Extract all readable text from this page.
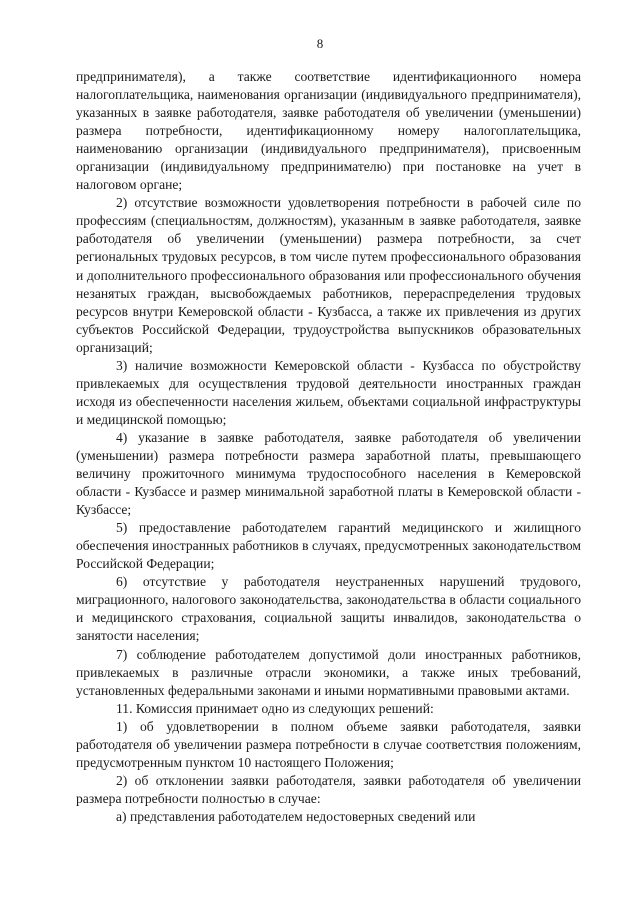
8

предпринимателя), а также соответствие идентификационного номера налогоплательщика, наименования организации (индивидуального предпринимателя), указанных в заявке работодателя, заявке работодателя об увеличении (уменьшении) размера потребности, идентификационному номеру налогоплательщика, наименованию организации (индивидуального предпринимателя), присвоенным организации (индивидуальному предпринимателю) при постановке на учет в налоговом органе;

2) отсутствие возможности удовлетворения потребности в рабочей силе по профессиям (специальностям, должностям), указанным в заявке работодателя, заявке работодателя об увеличении (уменьшении) размера потребности, за счет региональных трудовых ресурсов, в том числе путем профессионального образования и дополнительного профессионального образования или профессионального обучения незанятых граждан, высвобождаемых работников, перераспределения трудовых ресурсов внутри Кемеровской области - Кузбасса, а также их привлечения из других субъектов Российской Федерации, трудоустройства выпускников образовательных организаций;

3) наличие возможности Кемеровской области - Кузбасса по обустройству привлекаемых для осуществления трудовой деятельности иностранных граждан исходя из обеспеченности населения жильем, объектами социальной инфраструктуры и медицинской помощью;

4) указание в заявке работодателя, заявке работодателя об увеличении (уменьшении) размера потребности размера заработной платы, превышающего величину прожиточного минимума трудоспособного населения в Кемеровской области - Кузбассе и размер минимальной заработной платы в Кемеровской области - Кузбассе;

5) предоставление работодателем гарантий медицинского и жилищного обеспечения иностранных работников в случаях, предусмотренных законодательством Российской Федерации;

6) отсутствие у работодателя неустраненных нарушений трудового, миграционного, налогового законодательства, законодательства в области социального и медицинского страхования, социальной защиты инвалидов, законодательства о занятости населения;

7) соблюдение работодателем допустимой доли иностранных работников, привлекаемых в различные отрасли экономики, а также иных требований, установленных федеральными законами и иными нормативными правовыми актами.

11. Комиссия принимает одно из следующих решений:

1) об удовлетворении в полном объеме заявки работодателя, заявки работодателя об увеличении размера потребности в случае соответствия положениям, предусмотренным пунктом 10 настоящего Положения;

2) об отклонении заявки работодателя, заявки работодателя об увеличении размера потребности полностью в случае:

а) представления работодателем недостоверных сведений или
